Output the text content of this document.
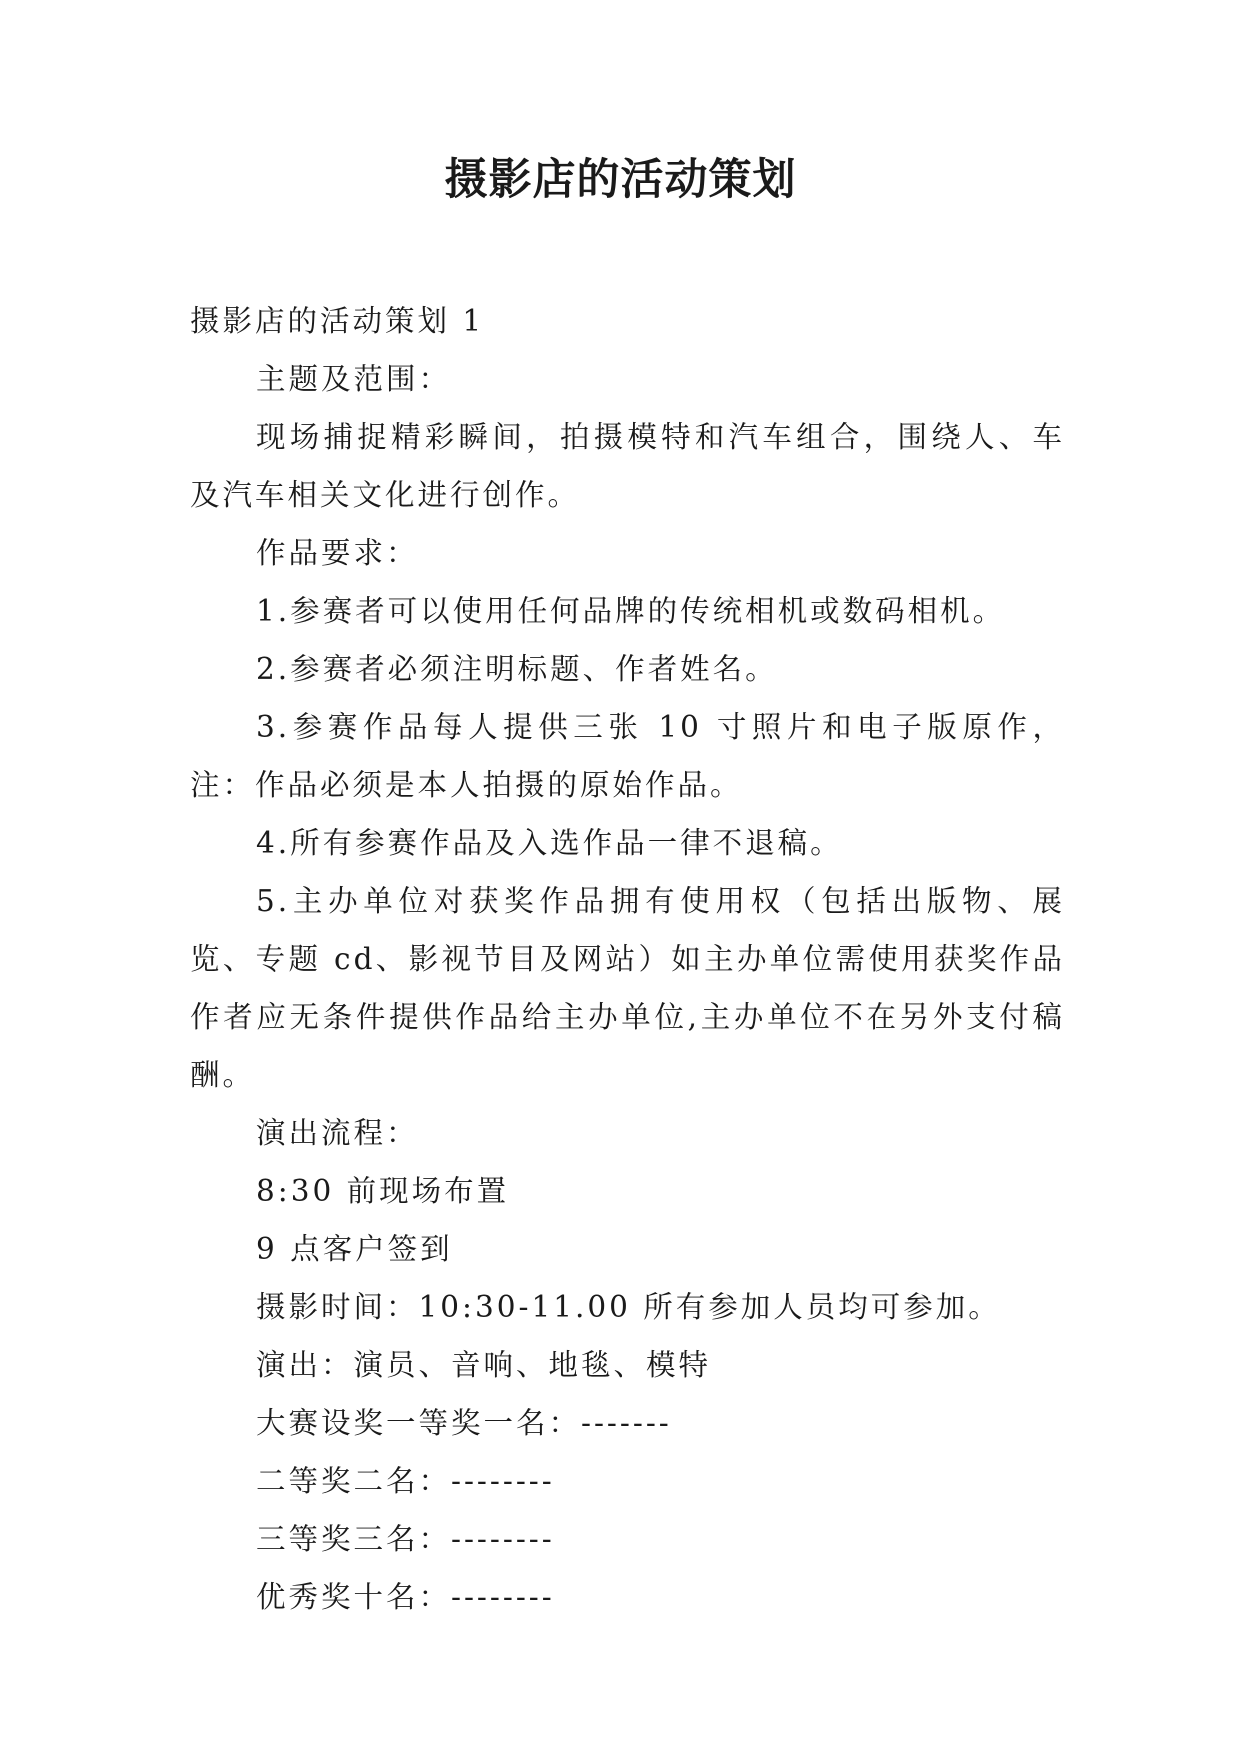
摄影店的活动策划

摄影店的活动策划 1

主题及范围：

现场捕捉精彩瞬间，拍摄模特和汽车组合，围绕人、车及汽车相关文化进行创作。

作品要求：

1.参赛者可以使用任何品牌的传统相机或数码相机。

2.参赛者必须注明标题、作者姓名。

3.参赛作品每人提供三张 10 寸照片和电子版原作，注：作品必须是本人拍摄的原始作品。

4.所有参赛作品及入选作品一律不退稿。

5.主办单位对获奖作品拥有使用权（包括出版物、展览、专题 cd、影视节目及网站）如主办单位需使用获奖作品作者应无条件提供作品给主办单位,主办单位不在另外支付稿酬。

演出流程：

8:30 前现场布置

9 点客户签到

摄影时间：10:30-11.00 所有参加人员均可参加。

演出：演员、音响、地毯、模特

大赛设奖一等奖一名：-------

二等奖二名：--------

三等奖三名：--------

优秀奖十名：--------
